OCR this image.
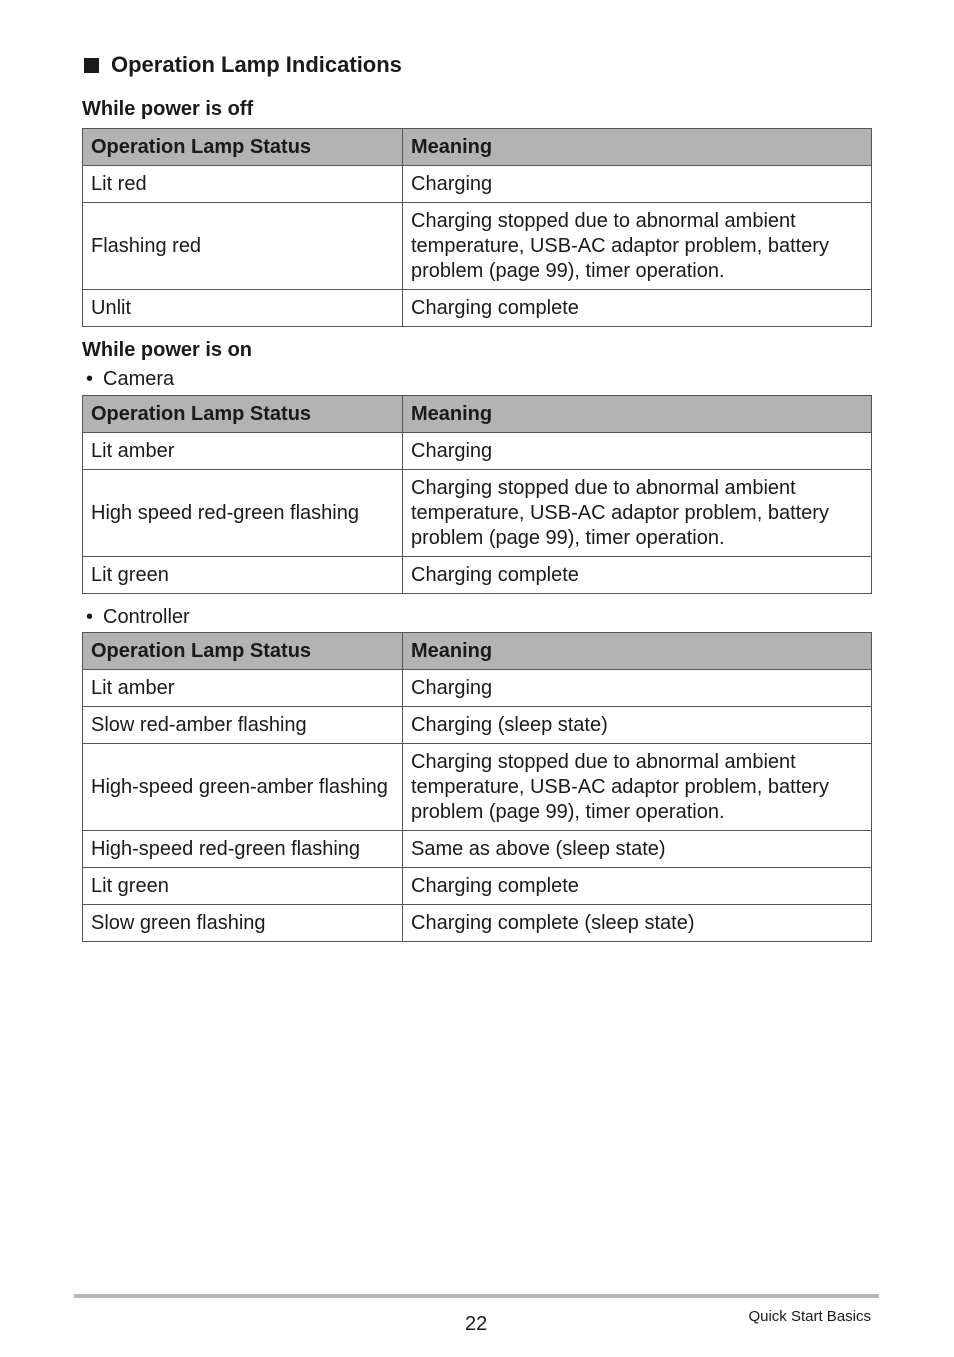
Operation Lamp Indications
While power is off
Operation Lamp Status	Meaning
Lit red	Charging
Flashing red	Charging stopped due to abnormal ambient temperature, USB-AC adaptor problem, battery problem (page 99), timer operation.
Unlit	Charging complete
While power is on
• Camera
Operation Lamp Status	Meaning
Lit amber	Charging
High speed red-green flashing	Charging stopped due to abnormal ambient temperature, USB-AC adaptor problem, battery problem (page 99), timer operation.
Lit green	Charging complete
• Controller
Operation Lamp Status	Meaning
Lit amber	Charging
Slow red-amber flashing	Charging (sleep state)
High-speed green-amber flashing	Charging stopped due to abnormal ambient temperature, USB-AC adaptor problem, battery problem (page 99), timer operation.
High-speed red-green flashing	Same as above (sleep state)
Lit green	Charging complete
Slow green flashing	Charging complete (sleep state)
22	Quick Start Basics
